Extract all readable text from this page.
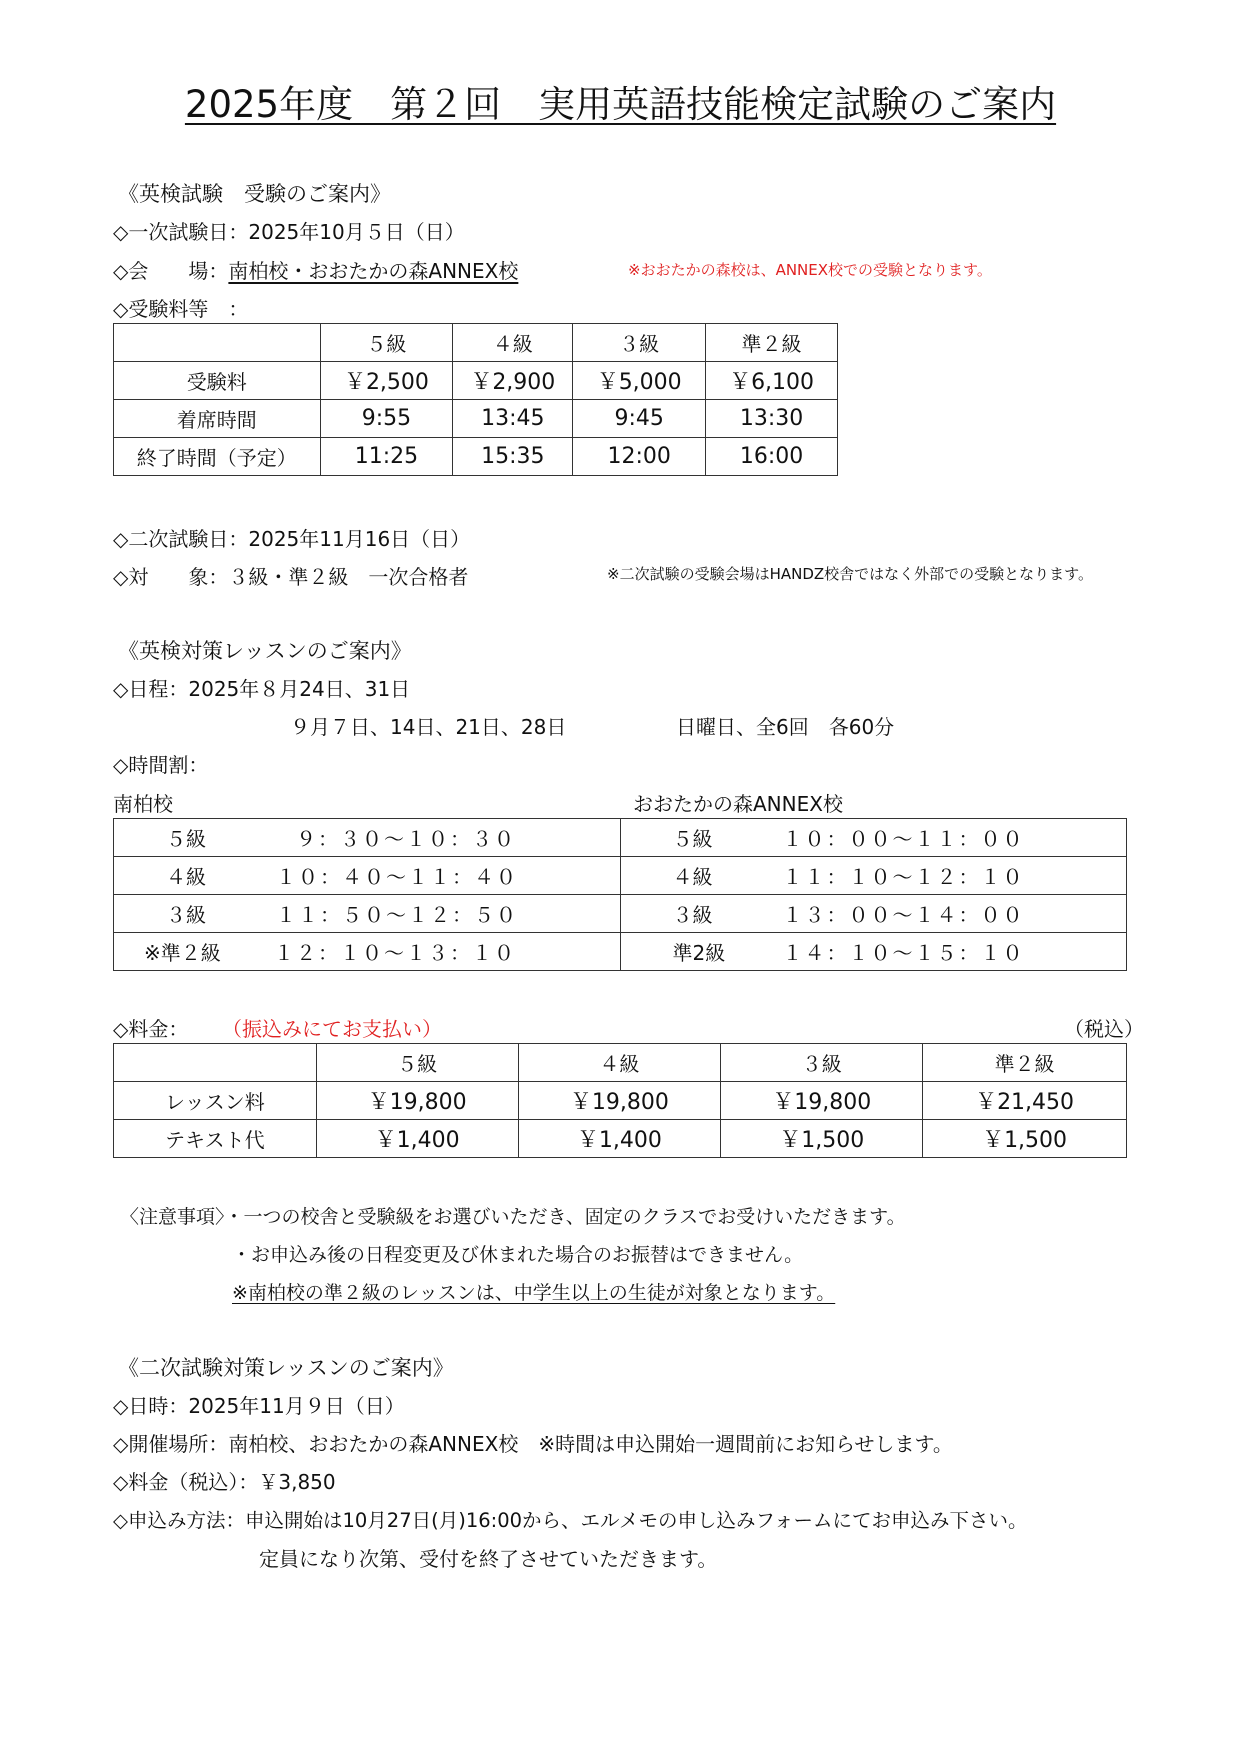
2025年度　第２回　実用英語技能検定試験のご案内
《英検試験　受験のご案内》
◇一次試験日：2025年10月５日（日）
◇会　　場：南柏校・おおたかの森ANNEX校	※おおたかの森校は、ANNEX校での受験となります。
◇受験料等　：
	５級	４級	３級	準２級
受験料	￥2,500	￥2,900	￥5,000	￥6,100
着席時間	9:55	13:45	9:45	13:30
終了時間（予定）	11:25	15:35	12:00	16:00
◇二次試験日：2025年11月16日（日）
◇対　　象：３級・準２級　一次合格者	※二次試験の受験会場はHANDZ校舎ではなく外部での受験となります。
《英検対策レッスンのご案内》
◇日程：2025年８月24日、31日
９月７日、14日、21日、28日	日曜日、全6回　各60分
◇時間割：
南柏校	おおたかの森ANNEX校
５級 ９：３０～１０：３０	５級 １０：００～１１：００
４級 １０：４０～１１：４０	４級 １１：１０～１２：１０
３級 １１：５０～１２：５０	３級 １３：００～１４：００
※準２級 １２：１０～１３：１０	準2級 １４：１０～１５：１０
◇料金： （振込みにてお支払い）	（税込）
	５級	４級	３級	準２級
レッスン料	￥19,800	￥19,800	￥19,800	￥21,450
テキスト代	￥1,400	￥1,400	￥1,500	￥1,500
〈注意事項〉・一つの校舎と受験級をお選びいただき、固定のクラスでお受けいただきます。
・お申込み後の日程変更及び休まれた場合のお振替はできません。
※南柏校の準２級のレッスンは、中学生以上の生徒が対象となります。
《二次試験対策レッスンのご案内》
◇日時：2025年11月９日（日）
◇開催場所：南柏校、おおたかの森ANNEX校　※時間は申込開始一週間前にお知らせします。
◇料金（税込）：￥3,850
◇申込み方法：申込開始は10月27日(月)16:00から、エルメモの申し込みフォームにてお申込み下さい。
定員になり次第、受付を終了させていただきます。
